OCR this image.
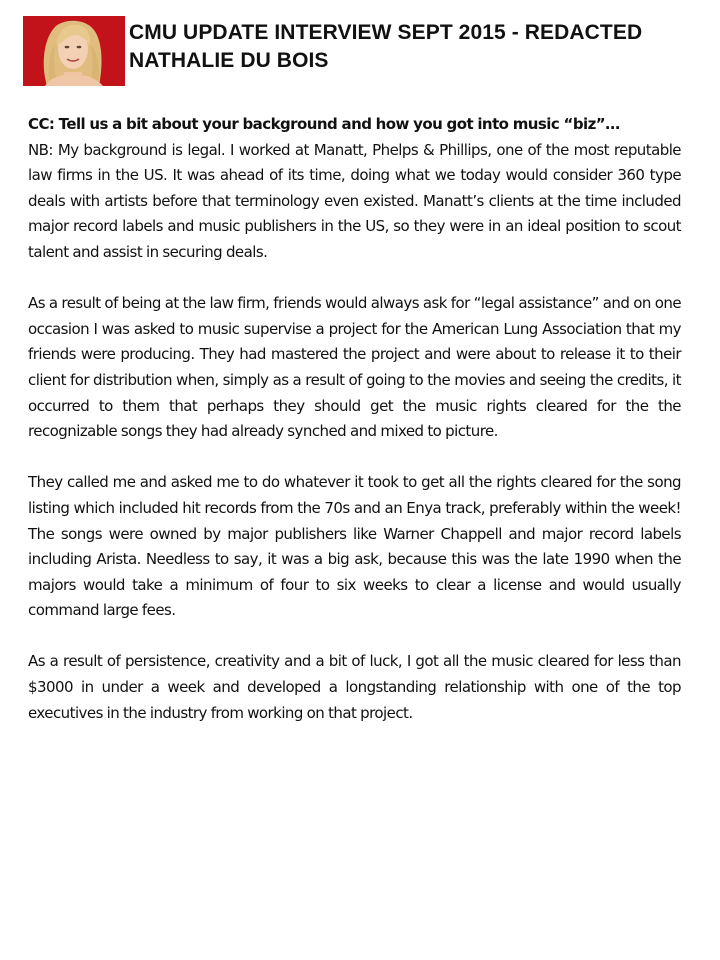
CMU UPDATE INTERVIEW SEPT 2015 - REDACTED
NATHALIE DU BOIS

CC: Tell us a bit about your background and how you got into music “biz”…
NB: My background is legal. I worked at Manatt, Phelps & Phillips, one of the most reputable law firms in the US. It was ahead of its time, doing what we today would consider 360 type deals with artists before that terminology even existed. Manatt’s clients at the time included major record labels and music publishers in the US, so they were in an ideal position to scout talent and assist in securing deals.

As a result of being at the law firm, friends would always ask for “legal assistance” and on one occasion I was asked to music supervise a project for the American Lung Association that my friends were producing. They had mastered the project and were about to release it to their client for distribution when, simply as a result of going to the movies and seeing the credits, it occurred to them that perhaps they should get the music rights cleared for the the recognizable songs they had already synched and mixed to picture.

They called me and asked me to do whatever it took to get all the rights cleared for the song listing which included hit records from the 70s and an Enya track, preferably within the week! The songs were owned by major publishers like Warner Chappell and major record labels including Arista. Needless to say, it was a big ask, because this was the late 1990 when the majors would take a minimum of four to six weeks to clear a license and would usually command large fees.

As a result of persistence, creativity and a bit of luck, I got all the music cleared for less than $3000 in under a week and developed a longstanding relationship with one of the top executives in the industry from working on that project.
